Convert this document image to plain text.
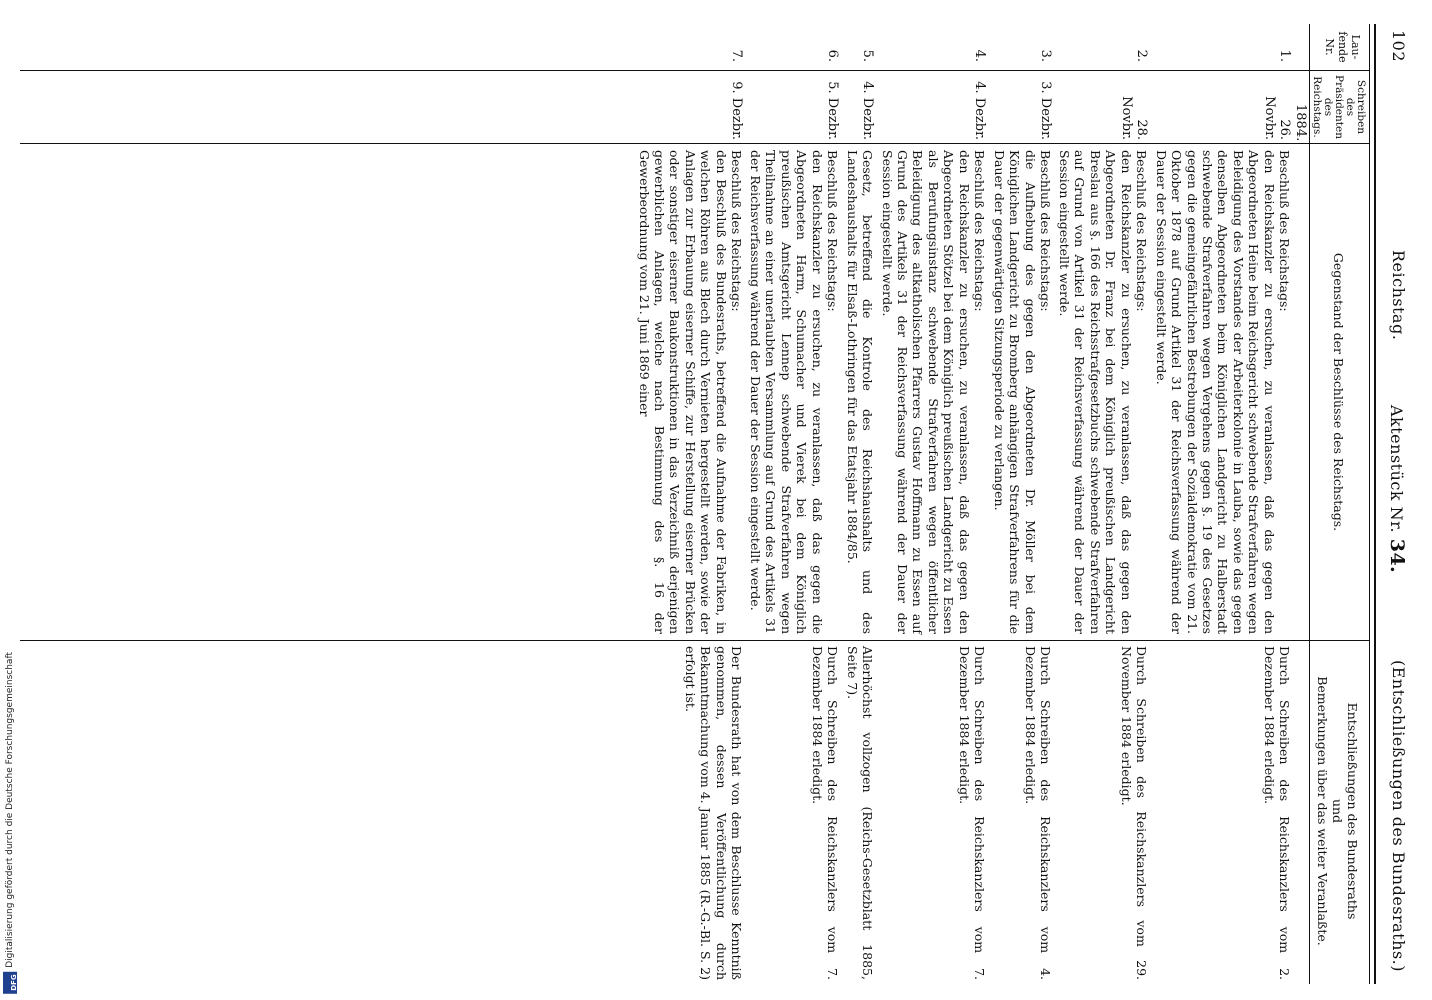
102
Reichstag.
Aktenstück Nr. 34.
(Entschließungen des Bundesraths.)
Lau-
fende
Nr.
Schreiben
des
Präsidenten
des
Reichstags.
Gegenstand der Beschlüsse des Reichstags.
Entschließungen des Bundesraths
und
Bemerkungen über das weiter Veranlaßte.
1884.
1.
26. Novbr.
Beschluß des Reichstags:
den Reichskanzler zu ersuchen, zu veranlassen, daß das gegen den Abgeordneten Heine beim Reichsgericht schwebende Strafverfahren wegen Beleidigung des Vorstandes der Arbeiterkolonie in Lauba, sowie das gegen denselben Abgeordneten beim Königlichen Landgericht zu Halberstadt schwebende Strafverfahren wegen Vergehens gegen §. 19 des Gesetzes gegen die gemeingefährlichen Bestrebungen der Sozialdemokratie vom 21. Oktober 1878 auf Grund Artikel 31 der Reichsverfassung während der Dauer der Session eingestellt werde.
Durch Schreiben des Reichskanzlers vom 2. Dezember 1884 erledigt.
2.
28. Novbr.
Beschluß des Reichstags:
den Reichskanzler zu ersuchen, zu veranlassen, daß das gegen den Abgeordneten Dr. Franz bei dem Königlich preußischen Landgericht Breslau aus §. 166 des Reichsstrafgesetzbuchs schwebende Strafverfahren auf Grund von Artikel 31 der Reichsverfassung während der Dauer der Session eingestellt werde.
Durch Schreiben des Reichskanzlers vom 29. November 1884 erledigt.
3.
3. Dezbr.
Beschluß des Reichstags:
die Aufhebung des gegen den Abgeordneten Dr. Möller bei dem Königlichen Landgericht zu Bromberg anhängigen Strafverfahrens für die Dauer der gegenwärtigen Sitzungsperiode zu verlangen.
Durch Schreiben des Reichskanzlers vom 4. Dezember 1884 erledigt.
4.
4. Dezbr.
Beschluß des Reichstags:
den Reichskanzler zu ersuchen, zu veranlassen, daß das gegen den Abgeordneten Stötzel bei dem Königlich preußischen Landgericht zu Essen als Berufungsinstanz schwebende Strafverfahren wegen öffentlicher Beleidigung des altkatholischen Pfarrers Gustav Hoffmann zu Essen auf Grund des Artikels 31 der Reichsverfassung während der Dauer der Session eingestellt werde.
Durch Schreiben des Reichskanzlers vom 7. Dezember 1884 erledigt.
5.
4. Dezbr.
Gesetz, betreffend die Kontrole des Reichshaushalts und des Landeshaushalts für Elsaß-Lothringen für das Etatsjahr 1884/85.
Allerhöchst vollzogen (Reichs-Gesetzblatt 1885, Seite 7).
6.
5. Dezbr.
Beschluß des Reichstags:
den Reichskanzler zu ersuchen, zu veranlassen, daß das gegen die Abgeordneten Harm, Schumacher und Vierek bei dem Königlich preußischen Amtsgericht Lennep schwebende Strafverfahren wegen Theilnahme an einer unerlaubten Versammlung auf Grund des Artikels 31 der Reichsverfassung während der Dauer der Session eingestellt werde.
Durch Schreiben des Reichskanzlers vom 7. Dezember 1884 erledigt.
7.
9. Dezbr.
Beschluß des Reichstags:
den Beschluß des Bundesraths, betreffend die Aufnahme der Fabriken, in welchen Röhren aus Blech durch Vernieten hergestellt werden, sowie der Anlagen zur Erbauung eiserner Schiffe, zur Herstellung eiserner Brücken oder sonstiger eiserner Baukonstruktionen in das Verzeichniß derjenigen gewerblichen Anlagen, welche nach Bestimmung des §. 16 der Gewerbeordnung vom 21. Juni 1869 einer
Der Bundesrath hat von dem Beschlusse Kenntniß genommen, dessen Veröffentlichung durch Bekanntmachung vom 4. Januar 1885 (R.-G.-Bl. S. 2) erfolgt ist.
DFG
Digitalisierung gefördert durch die Deutsche Forschungsgemeinschaft
